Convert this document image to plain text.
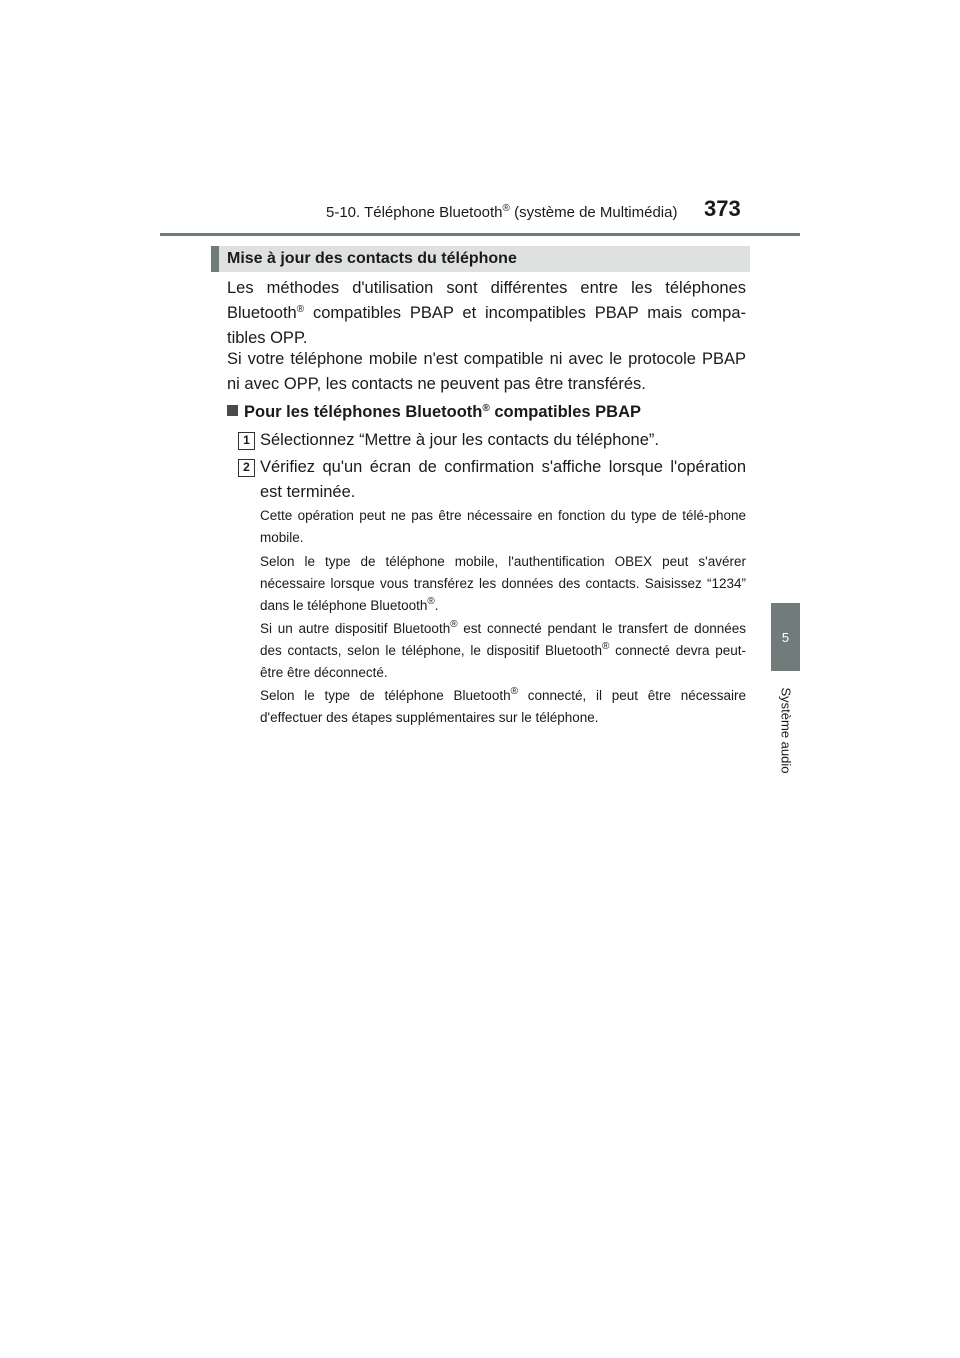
5-10. Téléphone Bluetooth® (système de Multimédia) 373
5
Système audio
Mise à jour des contacts du téléphone

Les méthodes d'utilisation sont différentes entre les téléphones Bluetooth® compatibles PBAP et incompatibles PBAP mais compa-tibles OPP.

Si votre téléphone mobile n'est compatible ni avec le protocole PBAP ni avec OPP, les contacts ne peuvent pas être transférés.

Pour les téléphones Bluetooth® compatibles PBAP
1 Sélectionnez “Mettre à jour les contacts du téléphone”.
2 Vérifiez qu'un écran de confirmation s'affiche lorsque l'opération est terminée.
Cette opération peut ne pas être nécessaire en fonction du type de télé-phone mobile.
Selon le type de téléphone mobile, l'authentification OBEX peut s'avérer nécessaire lorsque vous transférez les données des contacts. Saisissez “1234” dans le téléphone Bluetooth®.
Si un autre dispositif Bluetooth® est connecté pendant le transfert de données des contacts, selon le téléphone, le dispositif Bluetooth® connecté devra peut-être être déconnecté.
Selon le type de téléphone Bluetooth® connecté, il peut être nécessaire d'effectuer des étapes supplémentaires sur le téléphone.
